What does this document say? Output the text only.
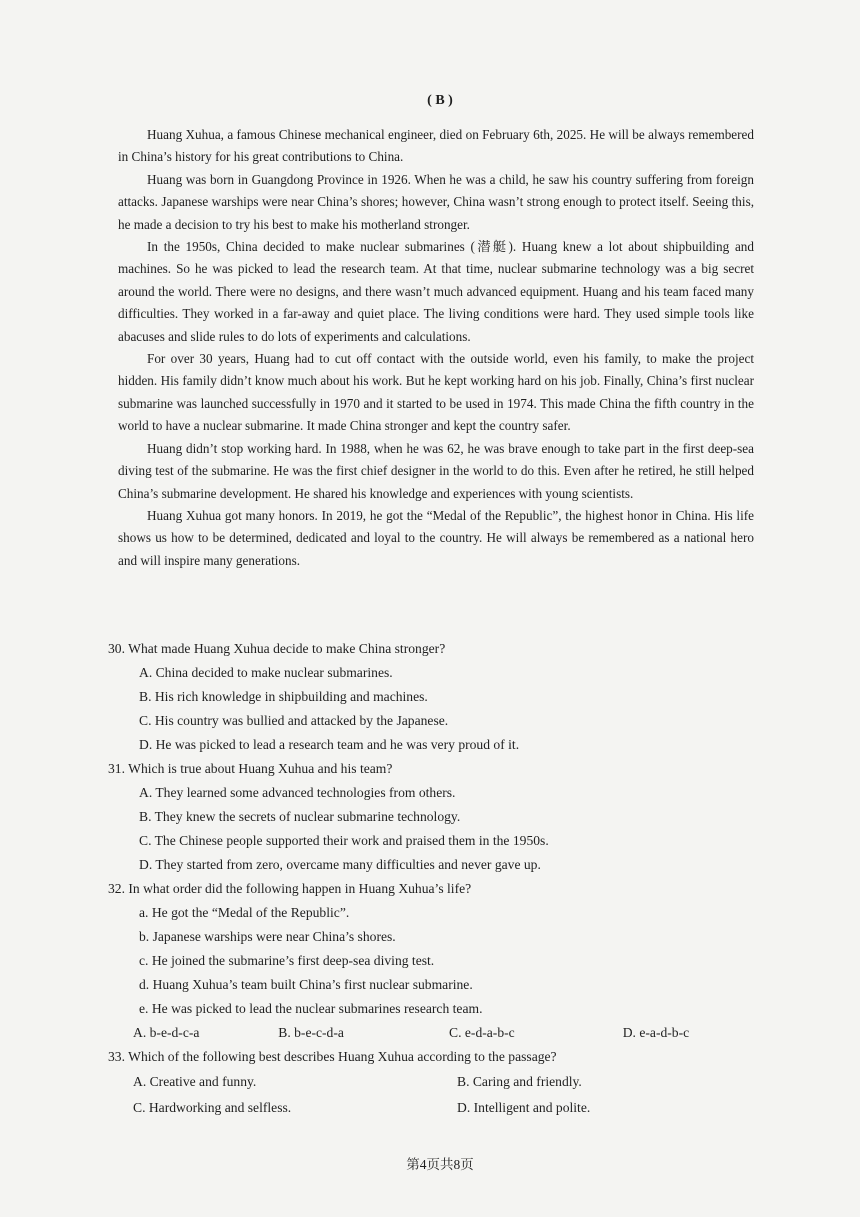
( B )

Huang Xuhua, a famous Chinese mechanical engineer, died on February 6th, 2025. He will be always remembered in China’s history for his great contributions to China.

Huang was born in Guangdong Province in 1926. When he was a child, he saw his country suffering from foreign attacks. Japanese warships were near China’s shores; however, China wasn’t strong enough to protect itself. Seeing this, he made a decision to try his best to make his motherland stronger.

In the 1950s, China decided to make nuclear submarines (潜艇). Huang knew a lot about shipbuilding and machines. So he was picked to lead the research team. At that time, nuclear submarine technology was a big secret around the world. There were no designs, and there wasn’t much advanced equipment. Huang and his team faced many difficulties. They worked in a far-away and quiet place. The living conditions were hard. They used simple tools like abacuses and slide rules to do lots of experiments and calculations.

For over 30 years, Huang had to cut off contact with the outside world, even his family, to make the project hidden. His family didn’t know much about his work. But he kept working hard on his job. Finally, China’s first nuclear submarine was launched successfully in 1970 and it started to be used in 1974. This made China the fifth country in the world to have a nuclear submarine. It made China stronger and kept the country safer.

Huang didn’t stop working hard. In 1988, when he was 62, he was brave enough to take part in the first deep-sea diving test of the submarine. He was the first chief designer in the world to do this. Even after he retired, he still helped China’s submarine development. He shared his knowledge and experiences with young scientists.

Huang Xuhua got many honors. In 2019, he got the “Medal of the Republic”, the highest honor in China. His life shows us how to be determined, dedicated and loyal to the country. He will always be remembered as a national hero and will inspire many generations.

30. What made Huang Xuhua decide to make China stronger?

A. China decided to make nuclear submarines.

B. His rich knowledge in shipbuilding and machines.

C. His country was bullied and attacked by the Japanese.

D. He was picked to lead a research team and he was very proud of it.

31. Which is true about Huang Xuhua and his team?

A. They learned some advanced technologies from others.

B. They knew the secrets of nuclear submarine technology.

C. The Chinese people supported their work and praised them in the 1950s.

D. They started from zero, overcame many difficulties and never gave up.

32. In what order did the following happen in Huang Xuhua’s life?

a. He got the “Medal of the Republic”.

b. Japanese warships were near China’s shores.

c. He joined the submarine’s first deep-sea diving test.

d. Huang Xuhua’s team built China’s first nuclear submarine.

e. He was picked to lead the nuclear submarines research team.

A. b-e-d-c-a	B. b-e-c-d-a	C. e-d-a-b-c	D. e-a-d-b-c

33. Which of the following best describes Huang Xuhua according to the passage?

A. Creative and funny.	B. Caring and friendly.
C. Hardworking and selfless.	D. Intelligent and polite.
第4页共8页
